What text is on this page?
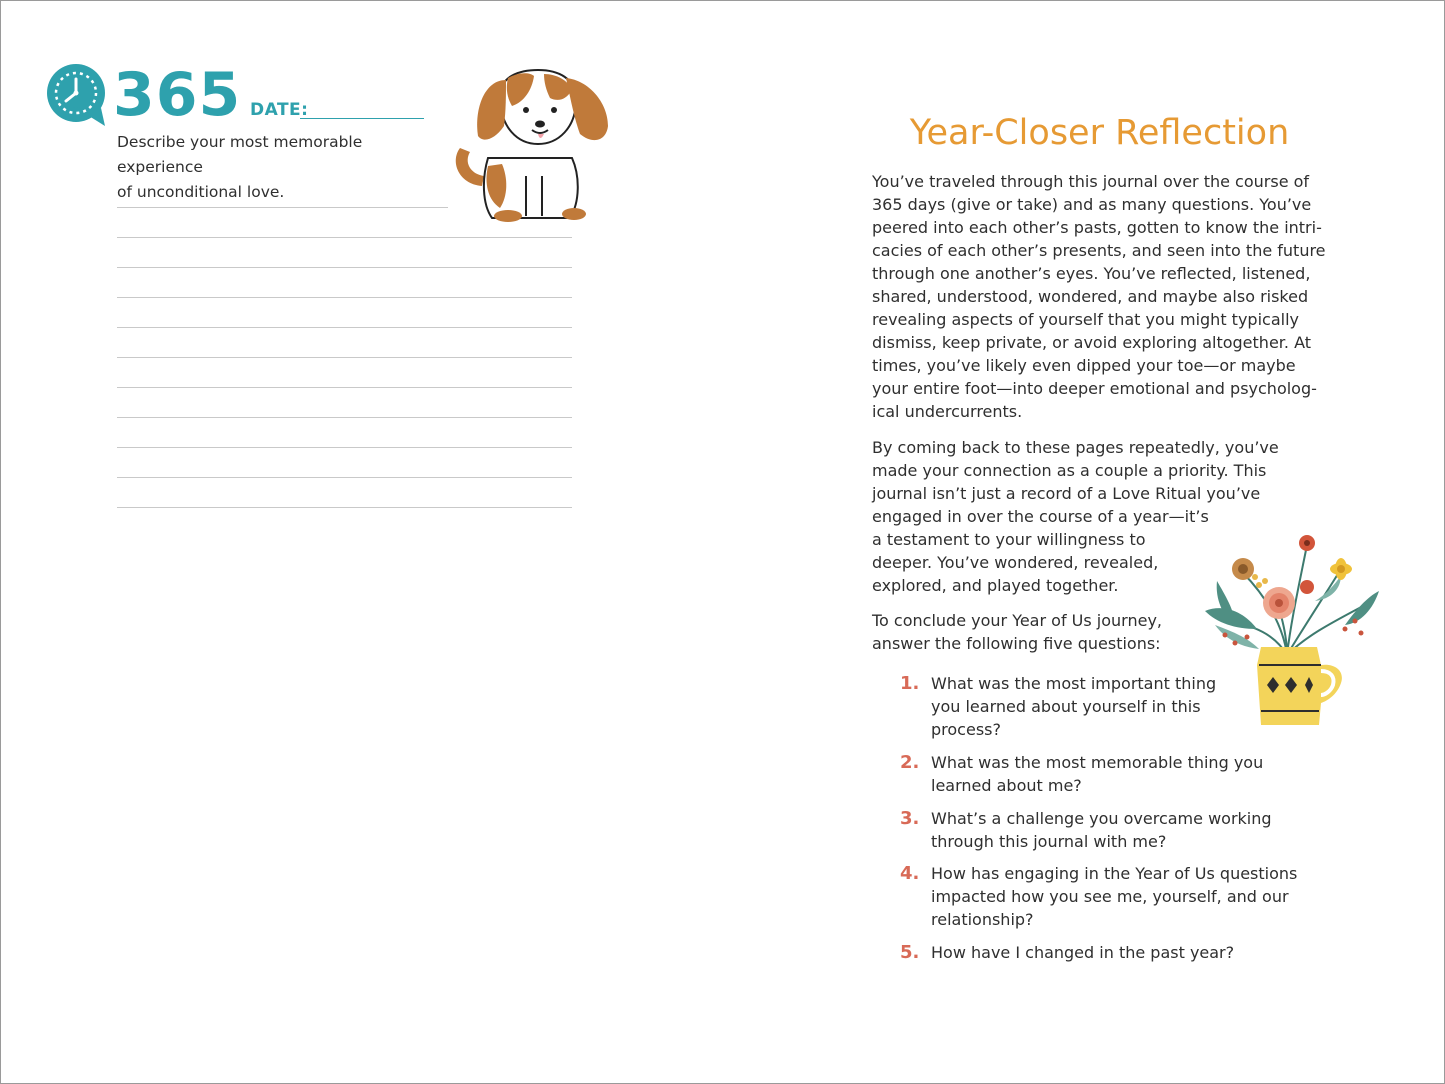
365 DATE:
Describe your most memorable experience
of unconditional love.
Year-Closer Reflection
You’ve traveled through this journal over the course of
365 days (give or take) and as many questions. You’ve
peered into each other’s pasts, gotten to know the intri-
cacies of each other’s presents, and seen into the future
through one another’s eyes. You’ve reflected, listened,
shared, understood, wondered, and maybe also risked
revealing aspects of yourself that you might typically
dismiss, keep private, or avoid exploring altogether. At
times, you’ve likely even dipped your toe—or maybe
your entire foot—into deeper emotional and psycholog-
ical undercurrents.
By coming back to these pages repeatedly, you’ve
made your connection as a couple a priority. This
journal isn’t just a record of a Love Ritual you’ve
engaged in over the course of a year—it’s
a testament to your willingness to
deeper. You’ve wondered, revealed,
explored, and played together.
To conclude your Year of Us journey,
answer the following five questions:
1. What was the most important thing
you learned about yourself in this
process?
2. What was the most memorable thing you
learned about me?
3. What’s a challenge you overcame working
through this journal with me?
4. How has engaging in the Year of Us questions
impacted how you see me, yourself, and our
relationship?
5. How have I changed in the past year?
